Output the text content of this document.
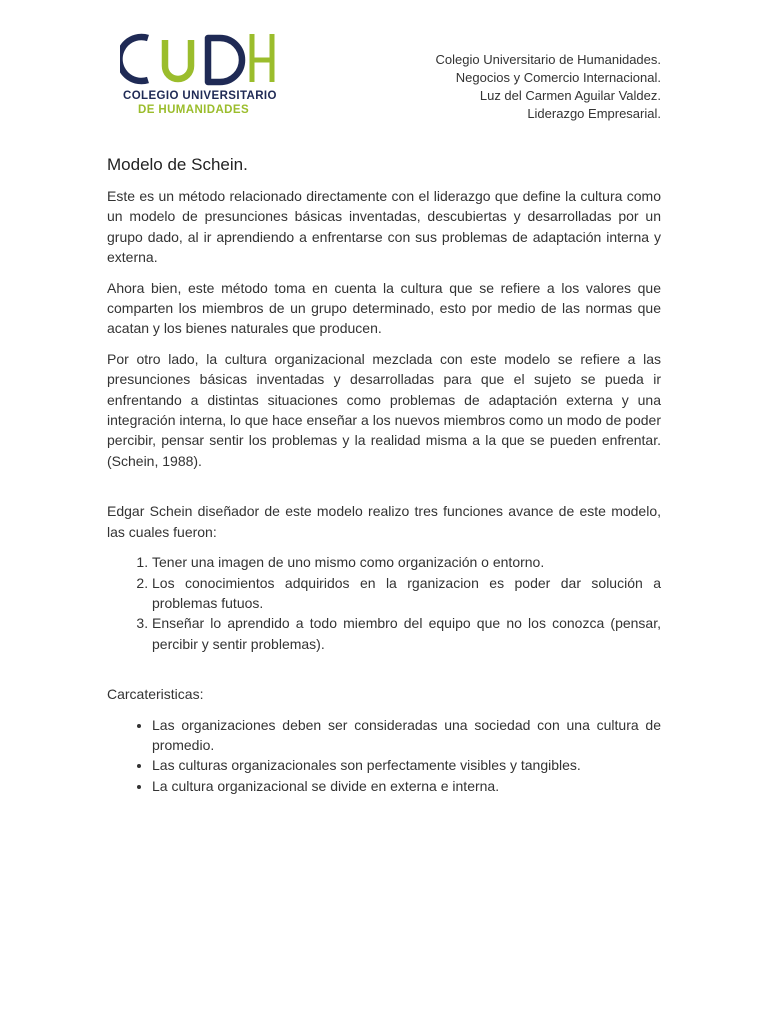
COLEGIO UNIVERSITARIO
DE HUMANIDADES
Colegio Universitario de Humanidades.
Negocios y Comercio Internacional.
Luz del Carmen Aguilar Valdez.
Liderazgo Empresarial.
Modelo de Schein.

Este es un método relacionado directamente con el liderazgo que define la cultura como un modelo de presunciones básicas inventadas, descubiertas y desarrolladas por un grupo dado, al ir aprendiendo a enfrentarse con sus problemas de adaptación interna y externa.

Ahora bien, este método toma en cuenta la cultura que se refiere a los valores que comparten los miembros de un grupo determinado, esto por medio de las normas que acatan y los bienes naturales que producen.

Por otro lado, la cultura organizacional mezclada con este modelo se refiere a las presunciones básicas inventadas y desarrolladas para que el sujeto se pueda ir enfrentando a distintas situaciones como problemas de adaptación externa y una integración interna, lo que hace enseñar a los nuevos miembros como un modo de poder percibir, pensar sentir los problemas y la realidad misma a la que se pueden enfrentar. (Schein, 1988).

Edgar Schein diseñador de este modelo realizo tres funciones avance de este modelo, las cuales fueron:

1. Tener una imagen de uno mismo como organización o entorno.
2. Los conocimientos adquiridos en la rganizacion es poder dar solución a problemas futuos.
3. Enseñar lo aprendido a todo miembro del equipo que no los conozca (pensar, percibir y sentir problemas).

Carcateristicas:

• Las organizaciones deben ser consideradas una sociedad con una cultura de promedio.
• Las culturas organizacionales son perfectamente visibles y tangibles.
• La cultura organizacional se divide en externa e interna.
